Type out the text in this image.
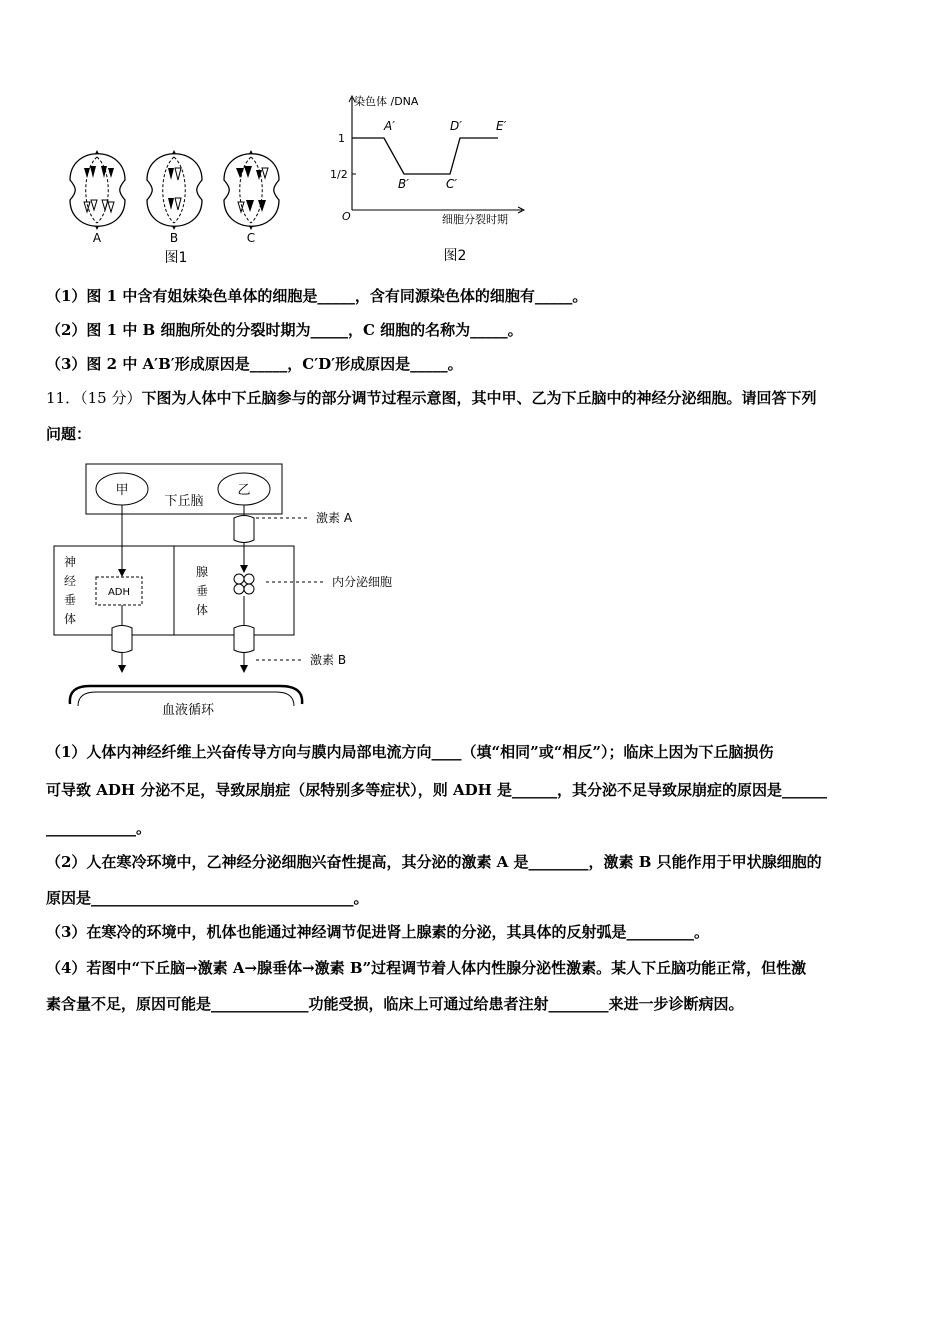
A	B	C
图1
染色体 /DNA
细胞分裂时期
O
1
1/2
A′
B′	C′
D′	E′
图2
（1）图 1 中含有姐妹染色单体的细胞是_____，含有同源染色体的细胞有_____。
（2）图 1 中 B 细胞所处的分裂时期为_____，C 细胞的名称为_____。
（3）图 2 中 A′B′形成原因是_____，C′D′形成原因是_____。
11．（15 分）下图为人体中下丘脑参与的部分调节过程示意图，其中甲、乙为下丘脑中的神经分泌细胞。请回答下列
问题：
甲	乙
下丘脑
神
经
垂
体
腺
垂
体
ADH
激素 A
内分泌细胞
激素 B
血液循环
（1）人体内神经纤维上兴奋传导方向与膜内局部电流方向____（填“相同”或“相反”）；临床上因为下丘脑损伤
可导致 ADH 分泌不足，导致尿崩症（尿特别多等症状），则 ADH 是______，其分泌不足导致尿崩症的原因是______
____________。
（2）人在寒冷环境中，乙神经分泌细胞兴奋性提高，其分泌的激素 A 是________，激素 B 只能作用于甲状腺细胞的
原因是___________________________________。
（3）在寒冷的环境中，机体也能通过神经调节促进肾上腺素的分泌，其具体的反射弧是_________。
（4）若图中“下丘脑→激素 A→腺垂体→激素 B”过程调节着人体内性腺分泌性激素。某人下丘脑功能正常，但性激
素含量不足，原因可能是_____________功能受损，临床上可通过给患者注射________来进一步诊断病因。
